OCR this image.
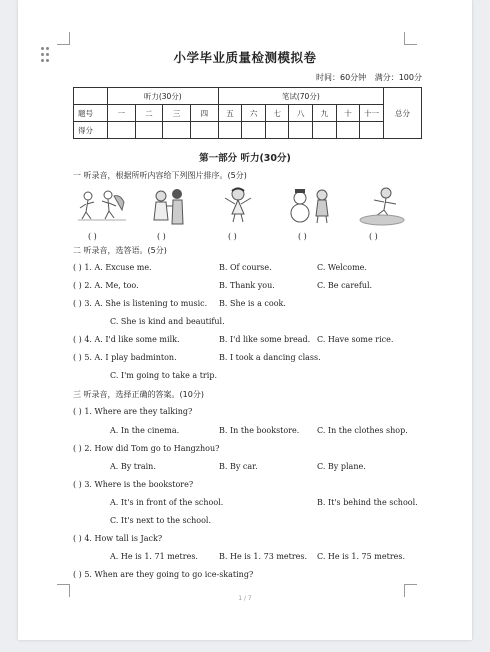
小学毕业质量检测模拟卷
时间：60分钟 满分：100分
	听力(30分)				笔试(70分)							总分
题号	一	二	三	四	五	六	七	八	九	十	十一	
得分												
第一部分 听力(30分)
一 听录音，根据所听内容给下列图片排序。(5分)
( )	( )	( )	( )	( )
二 听录音，选答语。(5分)
( ) 1. A. Excuse me.	B. Of course.	C. Welcome.
( ) 2. A. Me, too.	B. Thank you.	C. Be careful.
( ) 3. A. She is listening to music. B. She is a cook.
C. She is kind and beautiful.
( ) 4. A. I'd like some milk.	B. I'd like some bread. C. Have some rice.
( ) 5. A. I play badminton.	B. I took a dancing class.
C. I'm going to take a trip.
三 听录音，选择正确的答案。(10分)
( ) 1. Where are they talking?
A. In the cinema.	B. In the bookstore. C. In the clothes shop.
( ) 2. How did Tom go to Hangzhou?
A. By train.	B. By car.	C. By plane.
( ) 3. Where is the bookstore?
A. It's in front of the school.	B. It's behind the school.
C. It's next to the school.
( ) 4. How tall is Jack?
A. He is 1. 71 metres.	B. He is 1. 73 metres. C. He is 1. 75 metres.
( ) 5. When are they going to go ice-skating?
1 / 7
